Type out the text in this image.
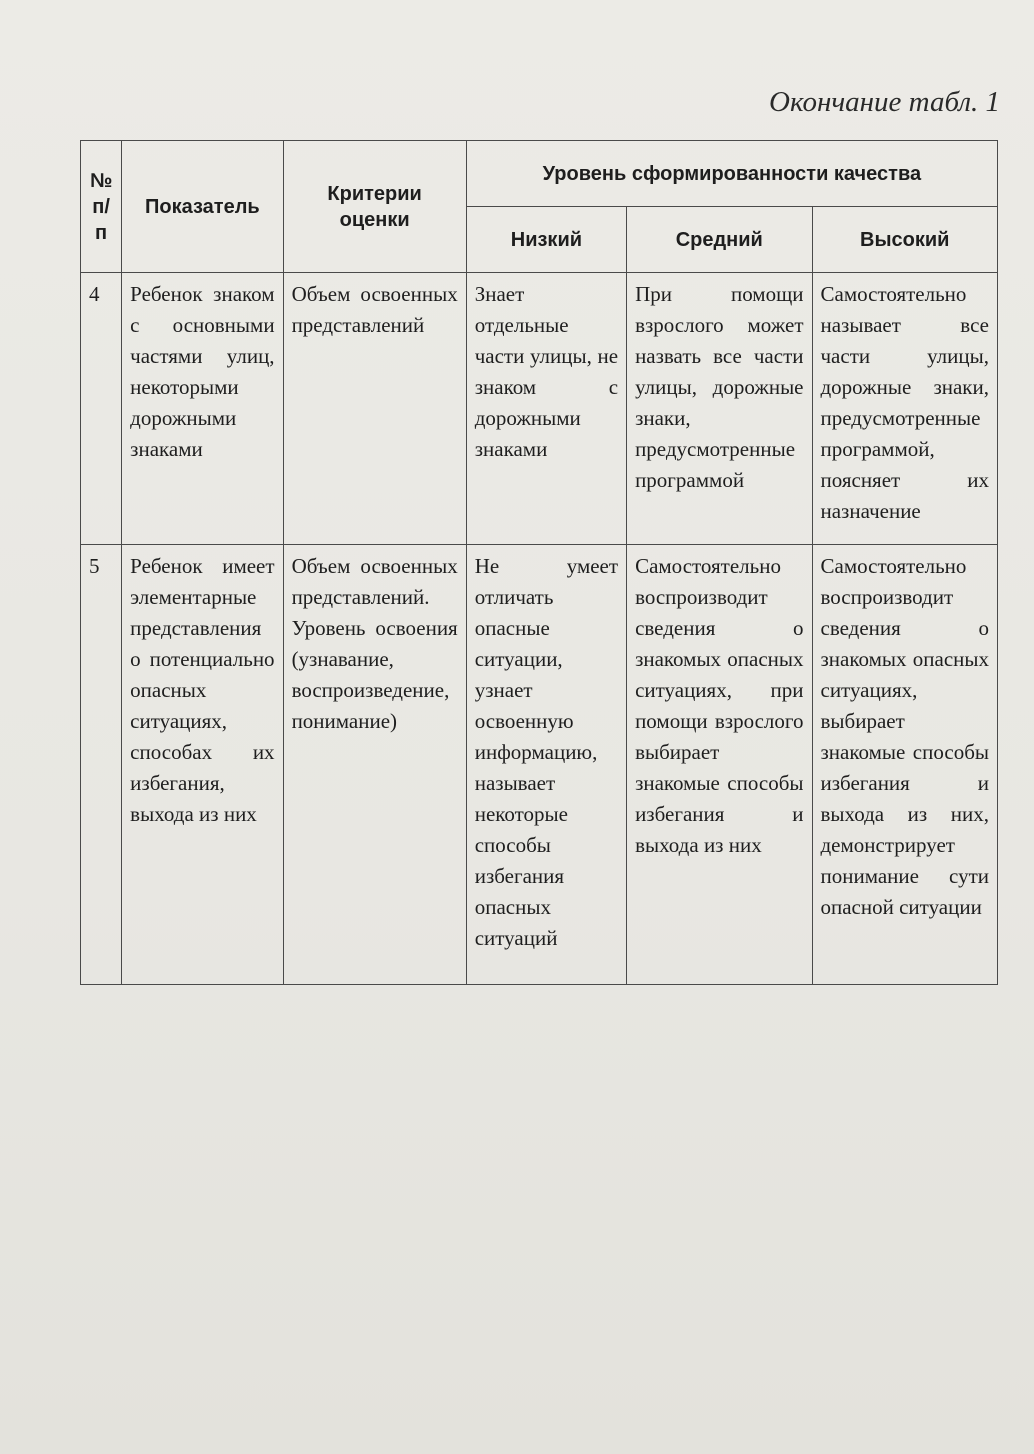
Окончание табл. 1
№ п/п	Показатель	Критерии оценки	Уровень сформированности качества		
			Низкий	Средний	Высокий
4	Ребенок знаком с основными частями улиц, некоторыми дорожными знаками	Объем освоенных представлений	Знает отдельные части улицы, не знаком с дорожными знаками	При помощи взрослого может назвать все части улицы, дорожные знаки, предусмотренные программой	Самостоятельно называет все части улицы, дорожные знаки, предусмотренные программой, поясняет их назначение
5	Ребенок имеет элементарные представления о потенциально опасных ситуациях, способах их избегания, выхода из них	Объем освоенных представлений. Уровень освоения (узнавание, воспроизведение, понимание)	Не умеет отличать опасные ситуации, узнает освоенную информацию, называет некоторые способы избегания опасных ситуаций	Самостоятельно воспроизводит сведения о знакомых опасных ситуациях, при помощи взрослого выбирает знакомые способы избегания и выхода из них	Самостоятельно воспроизводит сведения о знакомых опасных ситуациях, выбирает знакомые способы избегания и выхода из них, демонстрирует понимание сути опасной ситуации
